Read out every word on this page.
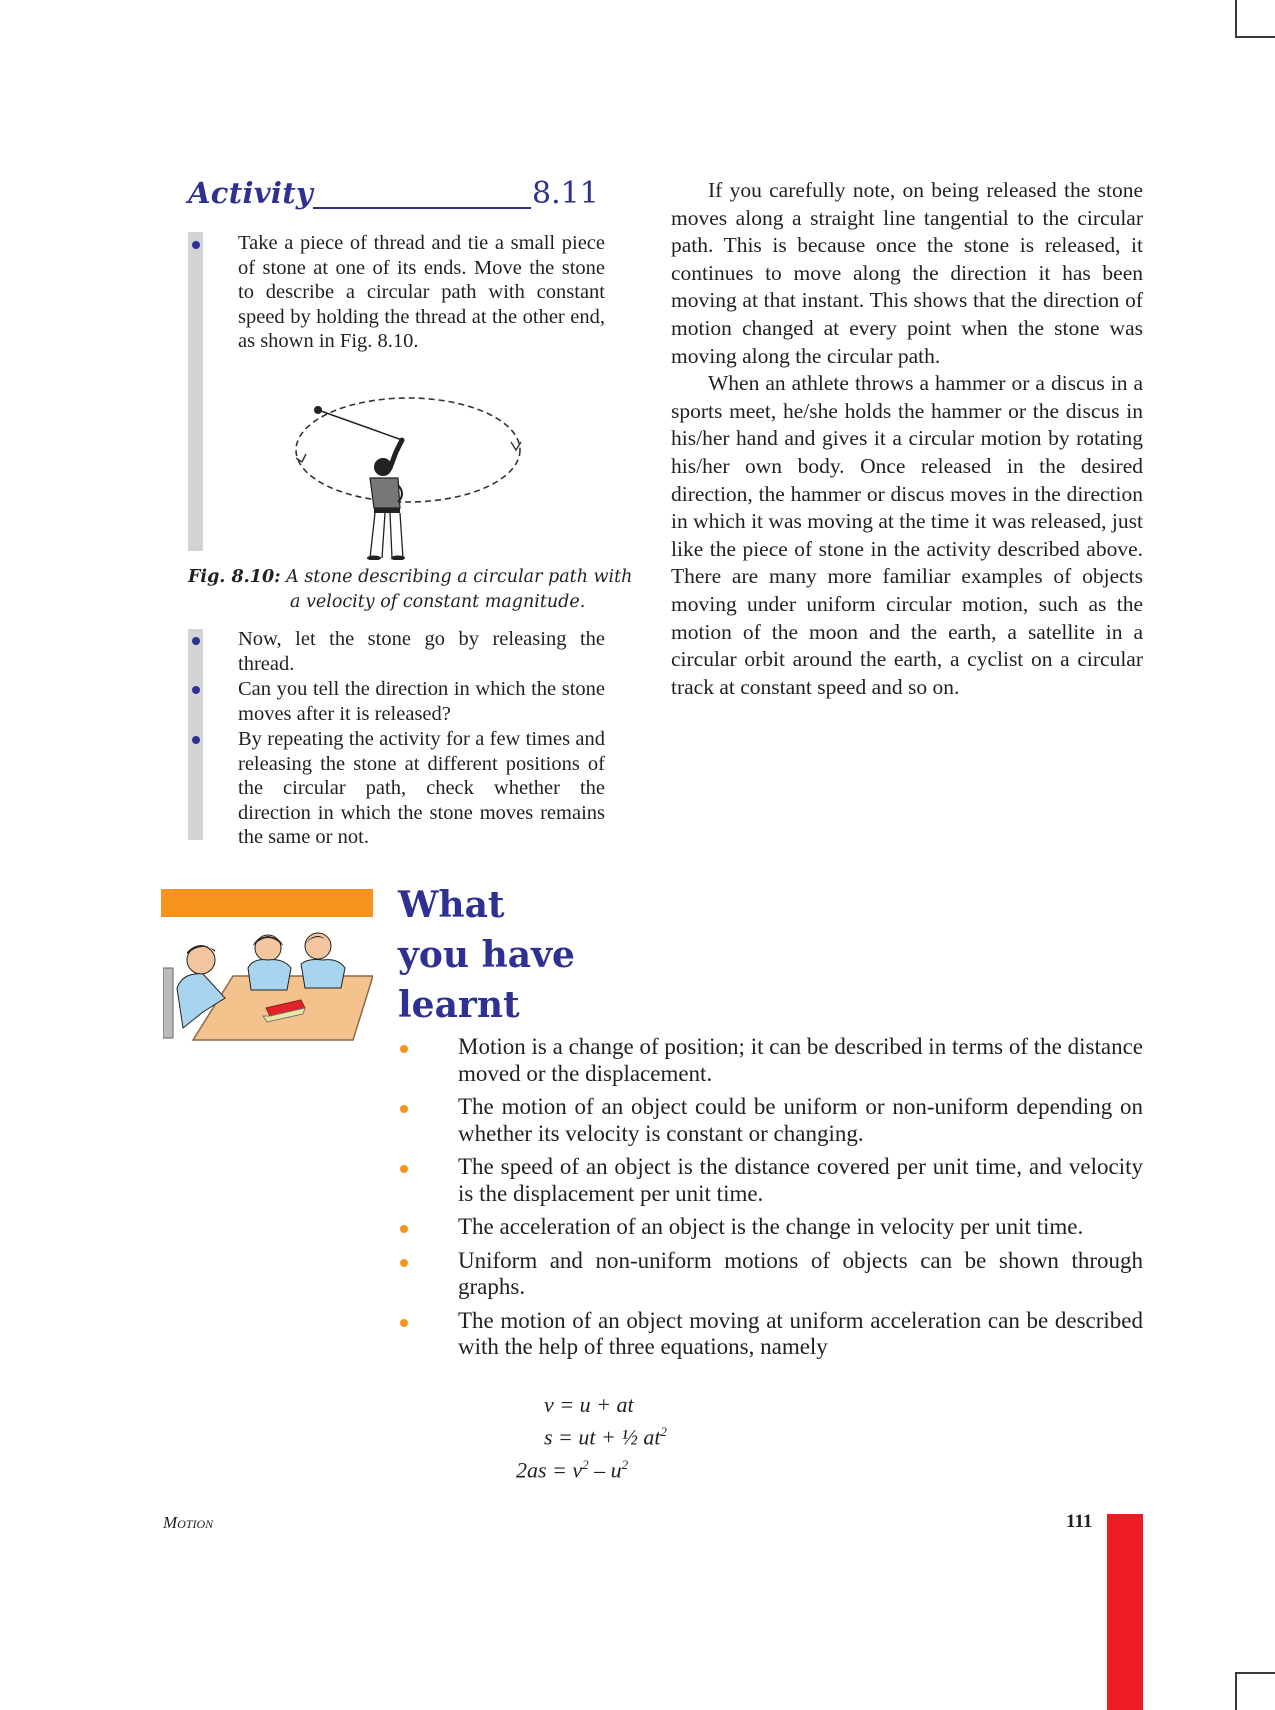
Activity	8.11
Take a piece of thread and tie a small piece of stone at one of its ends. Move the stone to describe a circular path with constant speed by holding the thread at the other end, as shown in Fig. 8.10.
Fig. 8.10: A stone describing a circular path with
a velocity of constant magnitude.
Now, let the stone go by releasing the thread.
Can you tell the direction in which the stone moves after it is released?
By repeating the activity for a few times and releasing the stone at different positions of the circular path, check whether the direction in which the stone moves remains the same or not.

If you carefully note, on being released the stone moves along a straight line tangential to the circular path. This is because once the stone is released, it continues to move along the direction it has been moving at that instant. This shows that the direction of motion changed at every point when the stone was moving along the circular path.

When an athlete throws a hammer or a discus in a sports meet, he/she holds the hammer or the discus in his/her hand and gives it a circular motion by rotating his/her own body. Once released in the desired direction, the hammer or discus moves in the direction in which it was moving at the time it was released, just like the piece of stone in the activity described above. There are many more familiar examples of objects moving under uniform circular motion, such as the motion of the moon and the earth, a satellite in a circular orbit around the earth, a cyclist on a circular track at constant speed and so on.

What
you have
learnt
Motion is a change of position; it can be described in terms of the distance moved or the displacement.
The motion of an object could be uniform or non-uniform depending on whether its velocity is constant or changing.
The speed of an object is the distance covered per unit time, and velocity is the displacement per unit time.
The acceleration of an object is the change in velocity per unit time.
Uniform and non-uniform motions of objects can be shown through graphs.
The motion of an object moving at uniform acceleration can be described with the help of three equations, namely
v = u + at
s = ut + ½ $at^2$
$2as = v^2 - u^2$
Motion	111
